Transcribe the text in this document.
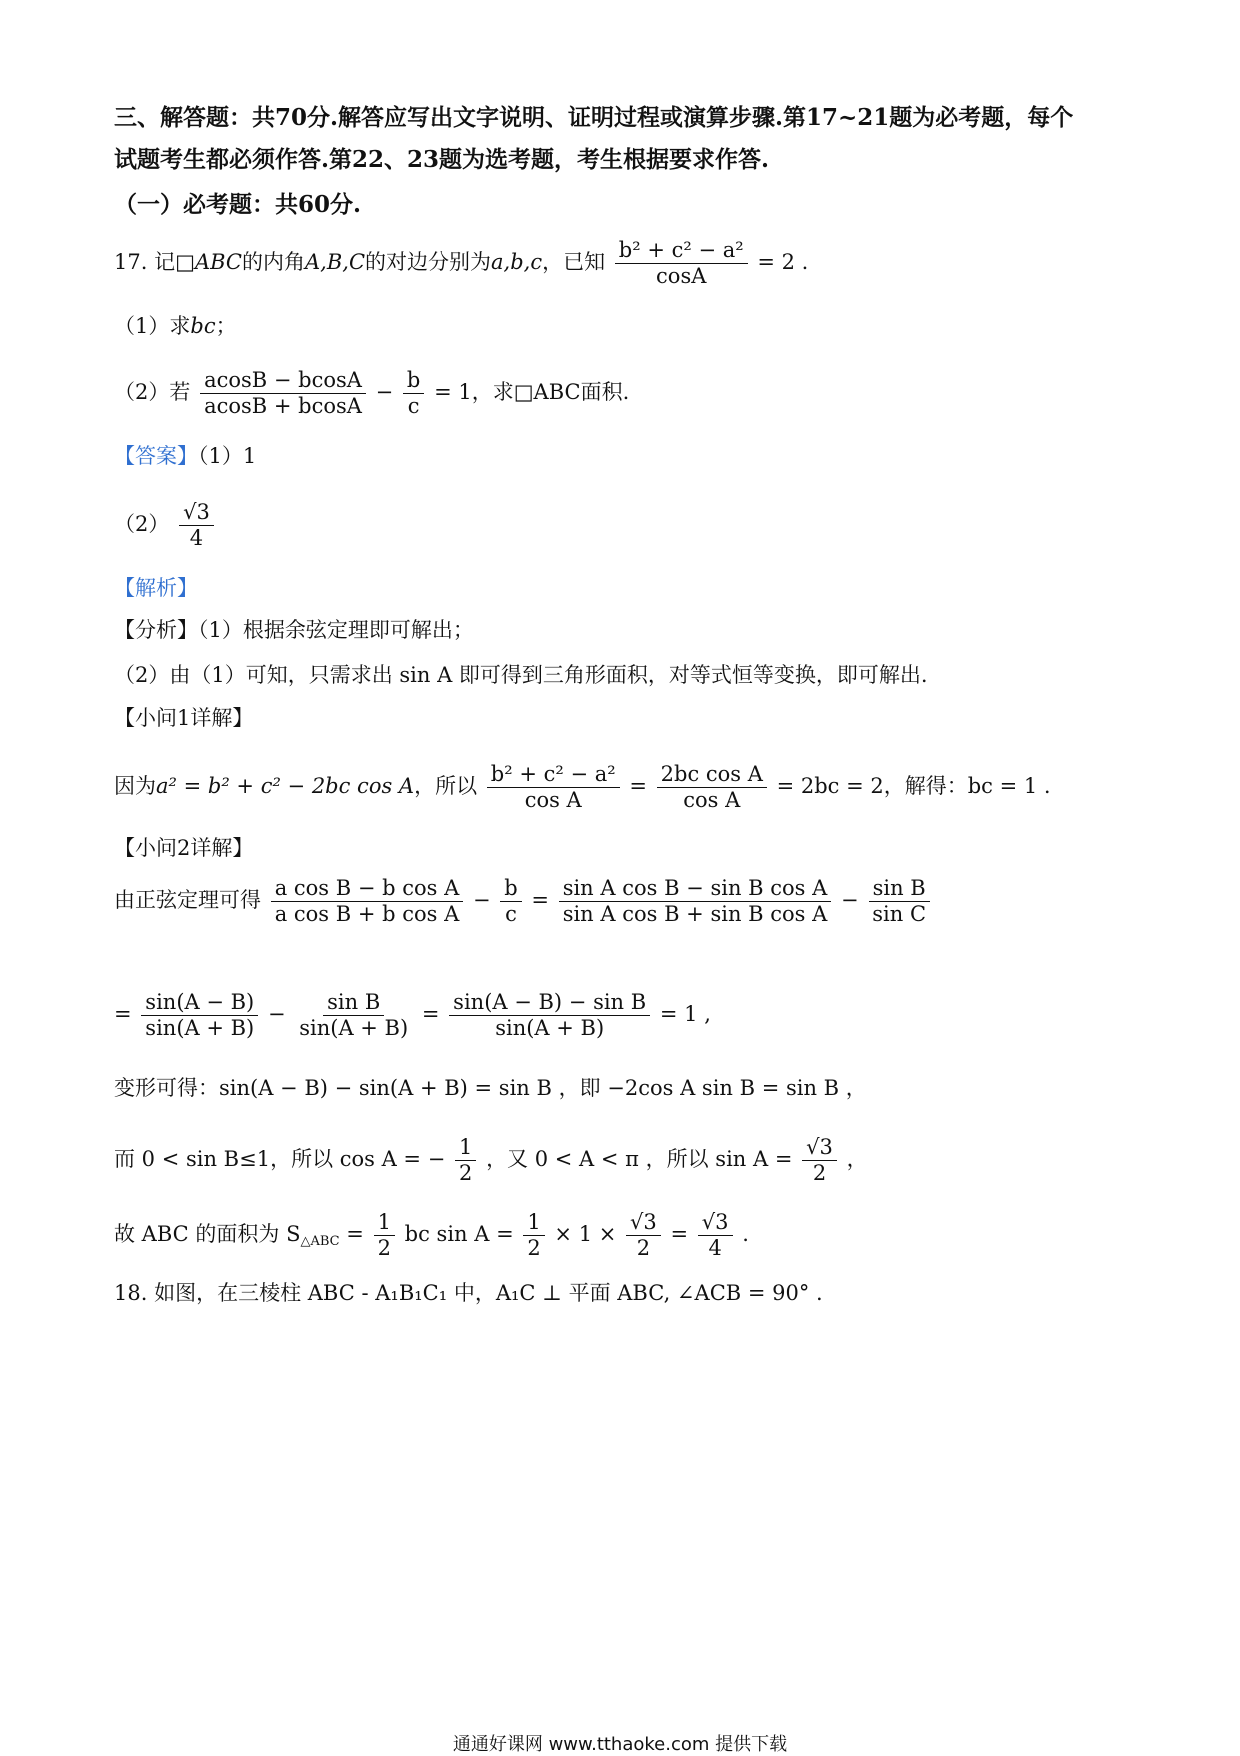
三、解答题：共70分.解答应写出文字说明、证明过程或演算步骤.第17~21题为必考题，每个
试题考生都必须作答.第22、23题为选考题，考生根据要求作答.
（一）必考题：共60分.
17. 记□ABC的内角A,B,C的对边分别为a,b,c，已知 $\frac{\text{b² + c² − a²}}{\cos A} = 2$ .
（1）求bc；
（2）若 $\frac{acosB - bcosA}{acosB + bcosA} - \frac{b}{c} = 1$，求□ABC面积.
【答案】（1）1
$(2) \frac{√3}{4}$
【解析】
【分析】（1）根据余弦定理即可解出；
（2）由（1）可知，只需求出 sin A 即可得到三角形面积，对等式恒等变换，即可解出.
【小问1详解】
因为a² = b² + c² − 2bc cos A，所以 $\frac{\text{b² + c² − a²}}{\text{cos A}} = \frac{\text{2bc cos A}}{\text{cos A}} = 2bc = 2$，解得：bc = 1 .
【小问2详解】
由正弦定理可得 $\frac{\text{a cos B − b cos A}}{\text{a cos B + b cos A}} - \frac{b}{c} = \frac{\text{sin A cos B − sin B cos A}}{\text{sin A cos B + sin B cos A}} - \frac{\text{sin B}}{\text{sin C}}$
= $\frac{\sin(A - B)}{\sin(A + B)} - \frac{\text{sin B}}{\sin(A + B)} = \frac{\text{sin(A − B) − sin B}}{\sin(A + B)} = 1$ ,
变形可得：sin(A − B) − sin(A + B) = sin B ，即 −2cos A sin B = sin B ，
而 0 < sin B≤1，所以 cos A = − $\frac{1}{2}$ ，又 0 < A < π ，所以 $\sin A = \frac{√3}{2}$ ，
故 ABC 的面积为 $S_{\triangle ABC} = \frac{1}{2}$ bc $\sin A = \frac{1}{2} \times 1 \times \frac{√3}{2} = \frac{√3}{4}$ .
18. 如图，在三棱柱 ABC - A₁B₁C₁ 中，A₁C ⊥ 平面 ABC, ∠ACB = 90° .
通通好课网 www.tthaoke.com 提供下载
